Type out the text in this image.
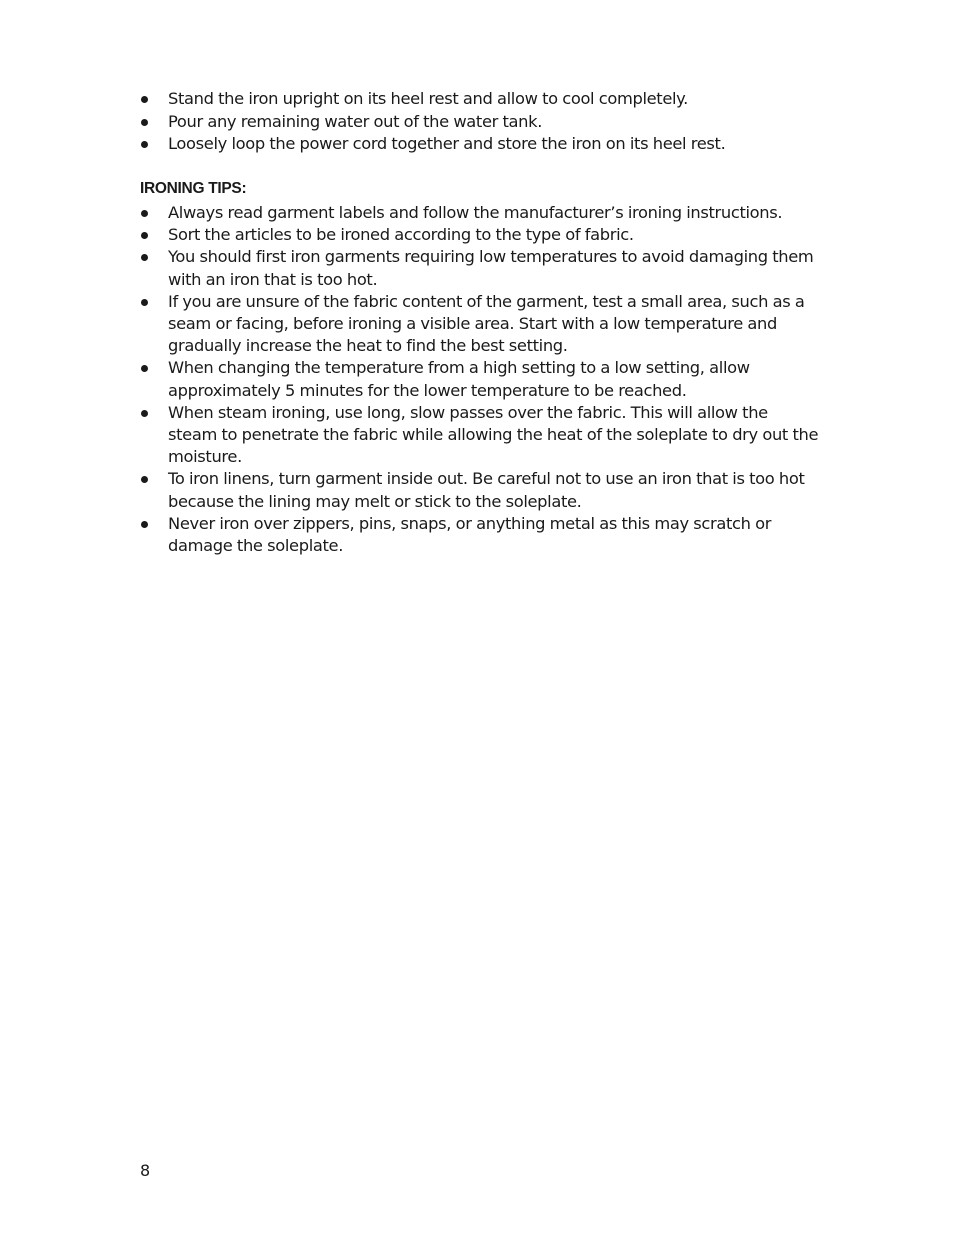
Stand the iron upright on its heel rest and allow to cool completely.
Pour any remaining water out of the water tank.
Loosely loop the power cord together and store the iron on its heel rest.
IRONING TIPS:
Always read garment labels and follow the manufacturer’s ironing instructions.
Sort the articles to be ironed according to the type of fabric.
You should first iron garments requiring low temperatures to avoid damaging them with an iron that is too hot.
If you are unsure of the fabric content of the garment, test a small area, such as a seam or facing, before ironing a visible area. Start with a low temperature and gradually increase the heat to find the best setting.
When changing the temperature from a high setting to a low setting, allow approximately 5 minutes for the lower temperature to be reached.
When steam ironing, use long, slow passes over the fabric. This will allow the steam to penetrate the fabric while allowing the heat of the soleplate to dry out the moisture.
To iron linens, turn garment inside out. Be careful not to use an iron that is too hot because the lining may melt or stick to the soleplate.
Never iron over zippers, pins, snaps, or anything metal as this may scratch or damage the soleplate.
8
